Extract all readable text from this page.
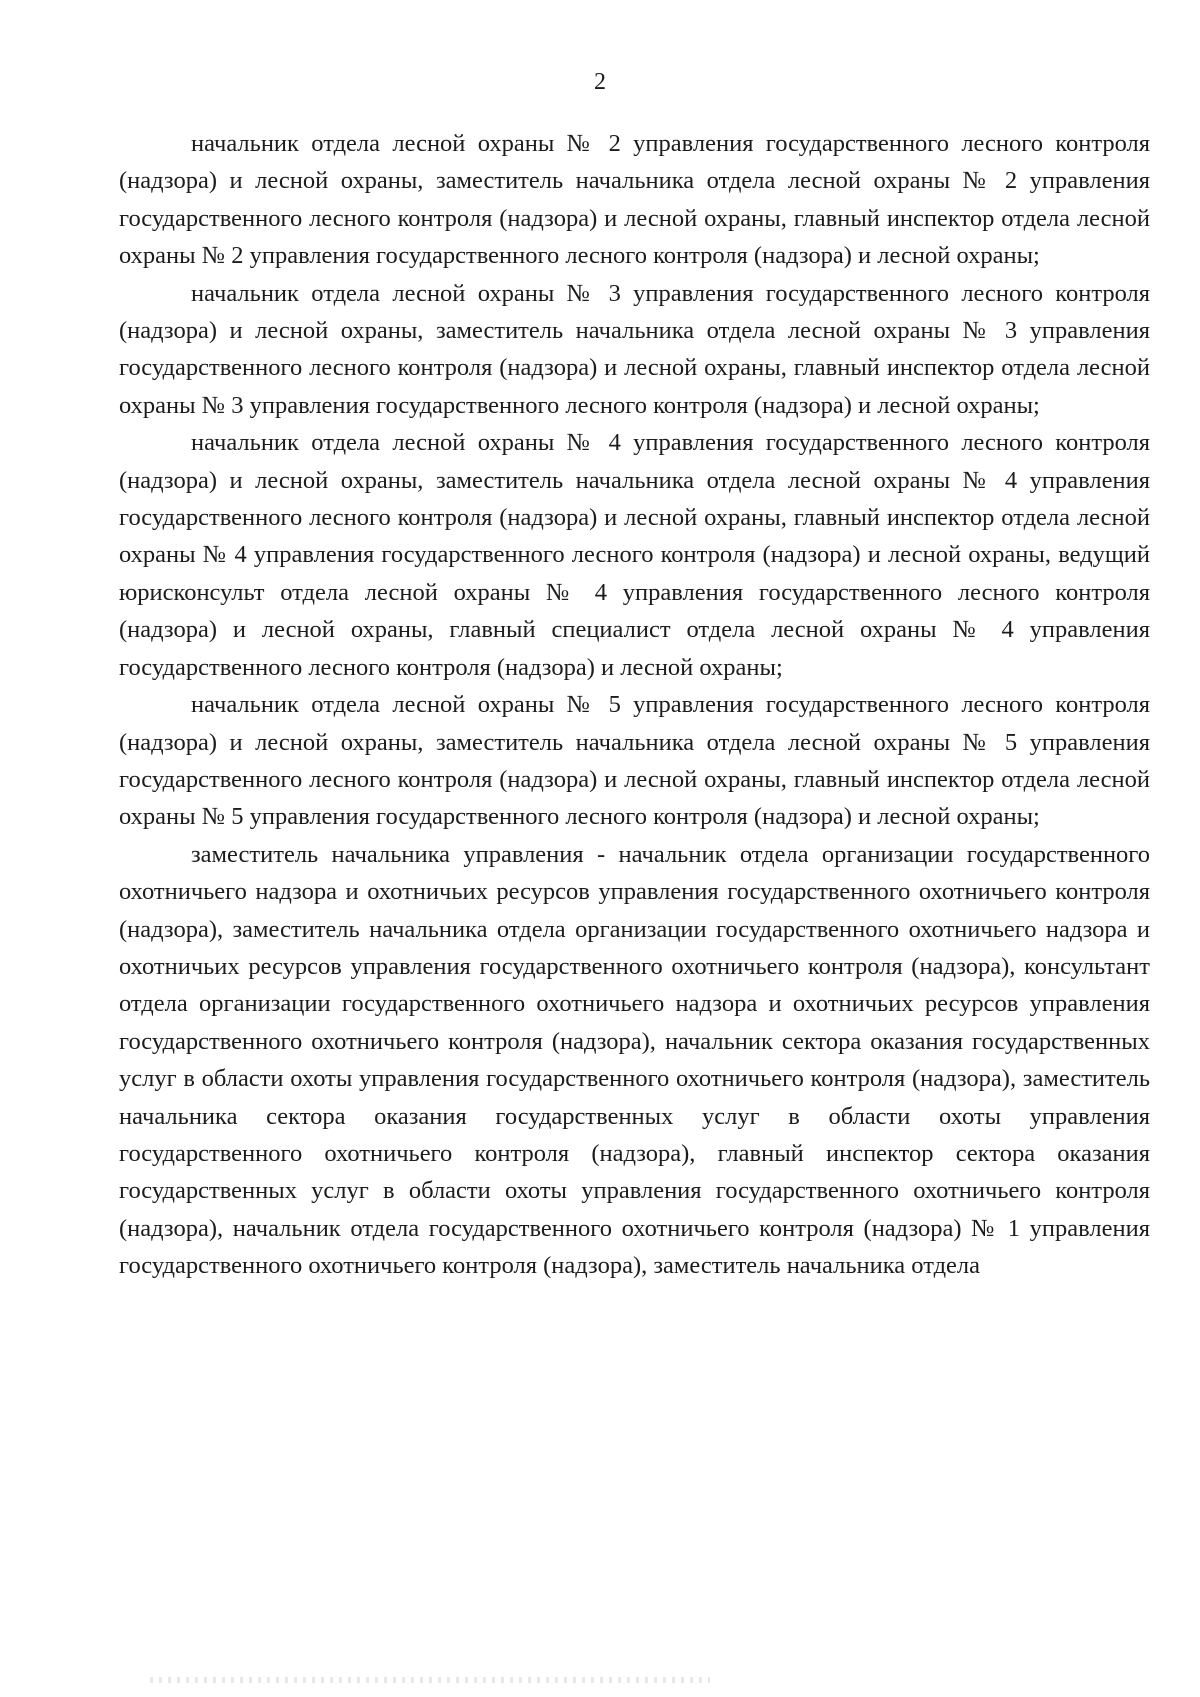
2

начальник отдела лесной охраны № 2 управления государственного лесного контроля (надзора) и лесной охраны, заместитель начальника отдела лесной охраны № 2 управления государственного лесного контроля (надзора) и лесной охраны, главный инспектор отдела лесной охраны № 2 управления государственного лесного контроля (надзора) и лесной охраны;

начальник отдела лесной охраны № 3 управления государственного лесного контроля (надзора) и лесной охраны, заместитель начальника отдела лесной охраны № 3 управления государственного лесного контроля (надзора) и лесной охраны, главный инспектор отдела лесной охраны № 3 управления государственного лесного контроля (надзора) и лесной охраны;

начальник отдела лесной охраны № 4 управления государственного лесного контроля (надзора) и лесной охраны, заместитель начальника отдела лесной охраны № 4 управления государственного лесного контроля (надзора) и лесной охраны, главный инспектор отдела лесной охраны № 4 управления государственного лесного контроля (надзора) и лесной охраны, ведущий юрисконсульт отдела лесной охраны № 4 управления государственного лесного контроля (надзора) и лесной охраны, главный специалист отдела лесной охраны № 4 управления государственного лесного контроля (надзора) и лесной охраны;

начальник отдела лесной охраны № 5 управления государственного лесного контроля (надзора) и лесной охраны, заместитель начальника отдела лесной охраны № 5 управления государственного лесного контроля (надзора) и лесной охраны, главный инспектор отдела лесной охраны № 5 управления государственного лесного контроля (надзора) и лесной охраны;

заместитель начальника управления - начальник отдела организации государственного охотничьего надзора и охотничьих ресурсов управления государственного охотничьего контроля (надзора), заместитель начальника отдела организации государственного охотничьего надзора и охотничьих ресурсов управления государственного охотничьего контроля (надзора), консультант отдела организации государственного охотничьего надзора и охотничьих ресурсов управления государственного охотничьего контроля (надзора), начальник сектора оказания государственных услуг в области охоты управления государственного охотничьего контроля (надзора), заместитель начальника сектора оказания государственных услуг в области охоты управления государственного охотничьего контроля (надзора), главный инспектор сектора оказания государственных услуг в области охоты управления государственного охотничьего контроля (надзора), начальник отдела государственного охотничьего контроля (надзора) № 1 управления государственного охотничьего контроля (надзора), заместитель начальника отдела
